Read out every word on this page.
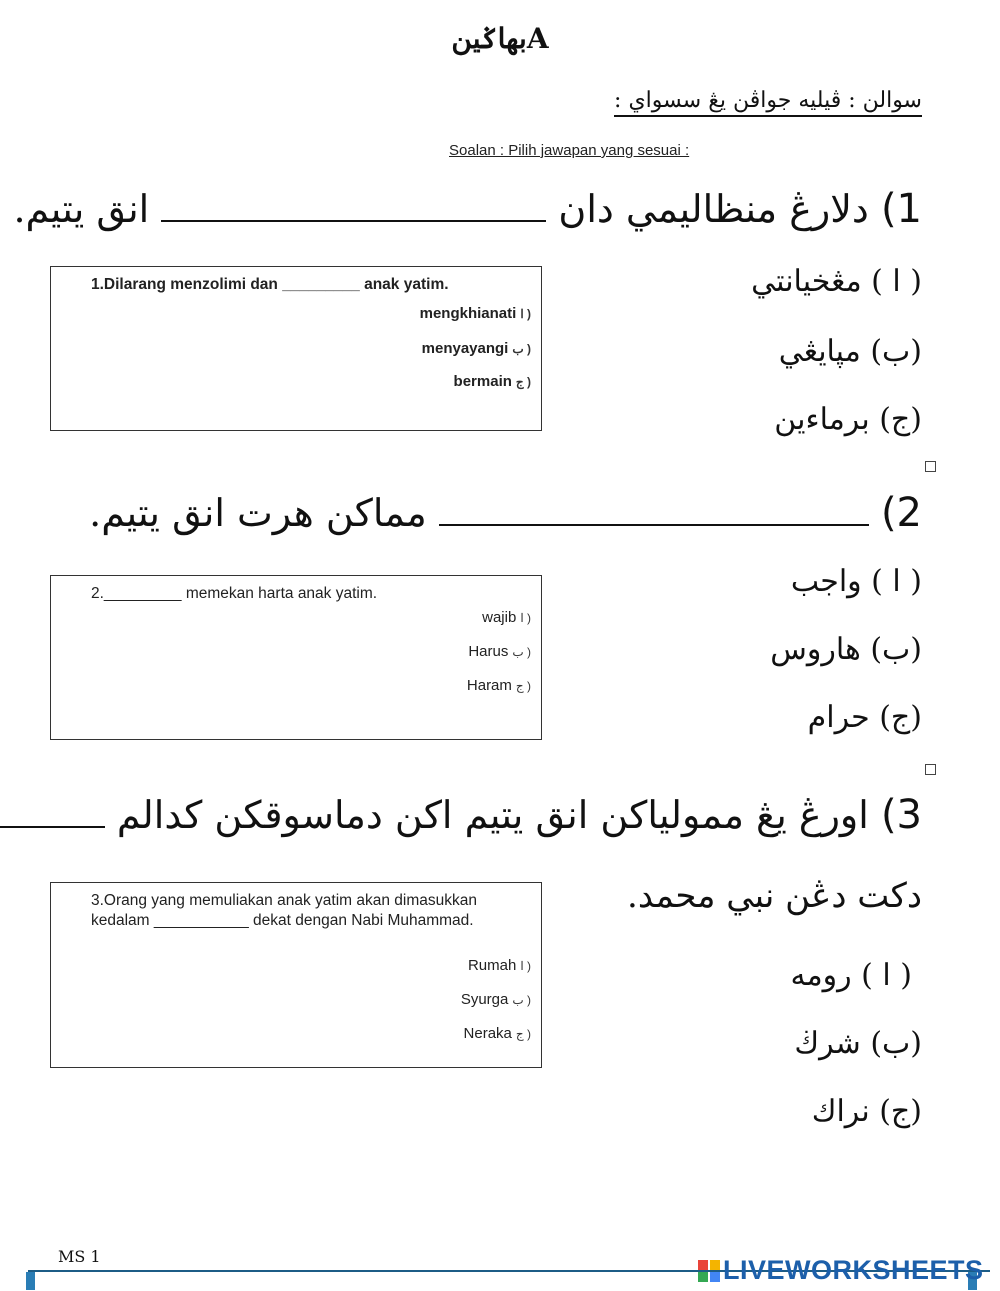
بهاݢينA
سوالن : ڤيليه جواڤن يڠ سسواي :
Soalan : Pilih jawapan yang sesuai :
1) دلارڠ منظاليمي دان  انق يتيم.
( ا ) مڠخيانتي
(ب) مڽايڠي
(ج) برماءين
1.Dilarang menzolimi dan _________ anak yatim.
mengkhianati ا )
menyayangi ب )
bermain ج )
2)  مماكن هرت انق يتيم.
( ا ) واجب
(ب) هاروس
(ج) حرام
2._________ memekan harta anak yatim.
wajib ا )
Harus ب )
Haram ج )
3) اورڠ يڠ ممولياكن انق يتيم اكن دماسوقكن كدالم
دكت دڠن نبي محمد.
( ا ) رومه
(ب) شرڬ
(ج) نراك
3.Orang yang memuliakan anak yatim akan dimasukkan kedalam ___________ dekat dengan Nabi Muhammad.
Rumah ا )
Syurga ب )
Neraka ج )
MS 1	LIVEWORKSHEETS
